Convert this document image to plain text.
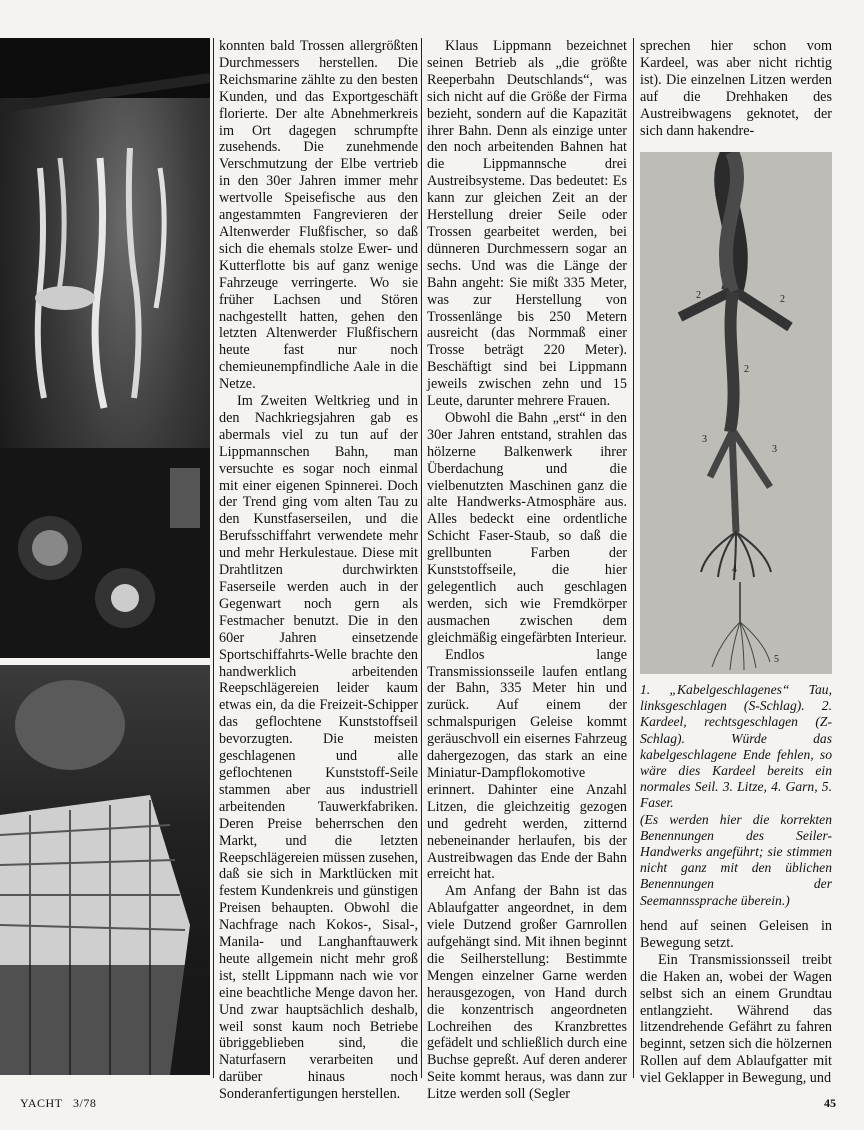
konnten bald Trossen allergrößten Durchmessers herstellen. Die Reichsmarine zählte zu den besten Kunden, und das Exportgeschäft florierte. Der alte Abnehmerkreis im Ort dagegen schrumpfte zusehends. Die zunehmende Verschmutzung der Elbe vertrieb in den 30er Jahren immer mehr wertvolle Speisefische aus den angestammten Fangrevieren der Altenwerder Flußfischer, so daß sich die ehemals stolze Ewer- und Kutterflotte bis auf ganz wenige Fahrzeuge verringerte. Wo sie früher Lachsen und Stören nachgestellt hatten, gehen den letzten Altenwerder Flußfischern heute fast nur noch chemieunempfindliche Aale in die Netze.

Im Zweiten Weltkrieg und in den Nachkriegsjahren gab es abermals viel zu tun auf der Lippmannschen Bahn, man versuchte es sogar noch einmal mit einer eigenen Spinnerei. Doch der Trend ging vom alten Tau zu den Kunstfaserseilen, und die Berufsschiffahrt verwendete mehr und mehr Herkulestaue. Diese mit Drahtlitzen durchwirkten Faserseile werden auch in der Gegenwart noch gern als Festmacher benutzt. Die in den 60er Jahren einsetzende Sportschiffahrts-Welle brachte den handwerklich arbeitenden Reepschlägereien leider kaum etwas ein, da die Freizeit-Schipper das geflochtene Kunststoffseil bevorzugten. Die meisten geschlagenen und alle geflochtenen Kunststoff-Seile stammen aber aus industriell arbeitenden Tauwerkfabriken. Deren Preise beherrschen den Markt, und die letzten Reepschlägereien müssen zusehen, daß sie sich in Marktlücken mit festem Kundenkreis und günstigen Preisen behaupten. Obwohl die Nachfrage nach Kokos-, Sisal-, Manila- und Langhanftauwerk heute allgemein nicht mehr groß ist, stellt Lippmann nach wie vor eine beachtliche Menge davon her. Und zwar hauptsächlich deshalb, weil sonst kaum noch Betriebe übriggeblieben sind, die Naturfasern verarbeiten und darüber hinaus noch Sonderanfertigungen herstellen.

Klaus Lippmann bezeichnet seinen Betrieb als „die größte Reeperbahn Deutschlands“, was sich nicht auf die Größe der Firma bezieht, sondern auf die Kapazität ihrer Bahn. Denn als einzige unter den noch arbeitenden Bahnen hat die Lippmannsche drei Austreibsysteme. Das bedeutet: Es kann zur gleichen Zeit an der Herstellung dreier Seile oder Trossen gearbeitet werden, bei dünneren Durchmessern sogar an sechs. Und was die Länge der Bahn angeht: Sie mißt 335 Meter, was zur Herstellung von Trossenlänge bis 250 Metern ausreicht (das Normmaß einer Trosse beträgt 220 Meter). Beschäftigt sind bei Lippmann jeweils zwischen zehn und 15 Leute, darunter mehrere Frauen.

Obwohl die Bahn „erst“ in den 30er Jahren entstand, strahlen das hölzerne Balkenwerk ihrer Überdachung und die vielbenutzten Maschinen ganz die alte Handwerks-Atmosphäre aus. Alles bedeckt eine ordentliche Schicht Faser-Staub, so daß die grellbunten Farben der Kunststoffseile, die hier gelegentlich auch geschlagen werden, sich wie Fremdkörper ausmachen zwischen dem gleichmäßig eingefärbten Interieur.

Endlos lange Transmissionsseile laufen entlang der Bahn, 335 Meter hin und zurück. Auf einem der schmalspurigen Geleise kommt geräuschvoll ein eisernes Fahrzeug dahergezogen, das stark an eine Miniatur-Dampflokomotive erinnert. Dahinter eine Anzahl Litzen, die gleichzeitig gezogen und gedreht werden, zitternd nebeneinander herlaufen, bis der Austreibwagen das Ende der Bahn erreicht hat.

Am Anfang der Bahn ist das Ablaufgatter angeordnet, in dem viele Dutzend großer Garnrollen aufgehängt sind. Mit ihnen beginnt die Seilherstellung: Bestimmte Mengen einzelner Garne werden herausgezogen, von Hand durch die konzentrisch angeordneten Lochreihen des Kranzbrettes gefädelt und schließlich durch eine Buchse gepreßt. Auf deren anderer Seite kommt heraus, was dann zur Litze werden soll (Segler

sprechen hier schon vom Kardeel, was aber nicht richtig ist). Die einzelnen Litzen werden auf die Drehhaken des Austreibwagens geknotet, der sich dann hakendre-

1
2	2
2
3
3
4
5

1. „Kabelgeschlagenes“ Tau, linksgeschlagen (S-Schlag). 2. Kardeel, rechtsgeschlagen (Z-Schlag). Würde das kabelgeschlagene Ende fehlen, so wäre dies Kardeel bereits ein normales Seil. 3. Litze, 4. Garn, 5. Faser.

(Es werden hier die korrekten Benennungen des Seiler-Handwerks angeführt; sie stimmen nicht ganz mit den üblichen Benennungen der Seemannssprache überein.)

hend auf seinen Geleisen in Bewegung setzt.

Ein Transmissionsseil treibt die Haken an, wobei der Wagen selbst sich an einem Grundtau entlangzieht. Während das litzendrehende Gefährt zu fahren beginnt, setzen sich die hölzernen Rollen auf dem Ablaufgatter mit viel Geklapper in Bewegung, und

YACHT 3/78	45
